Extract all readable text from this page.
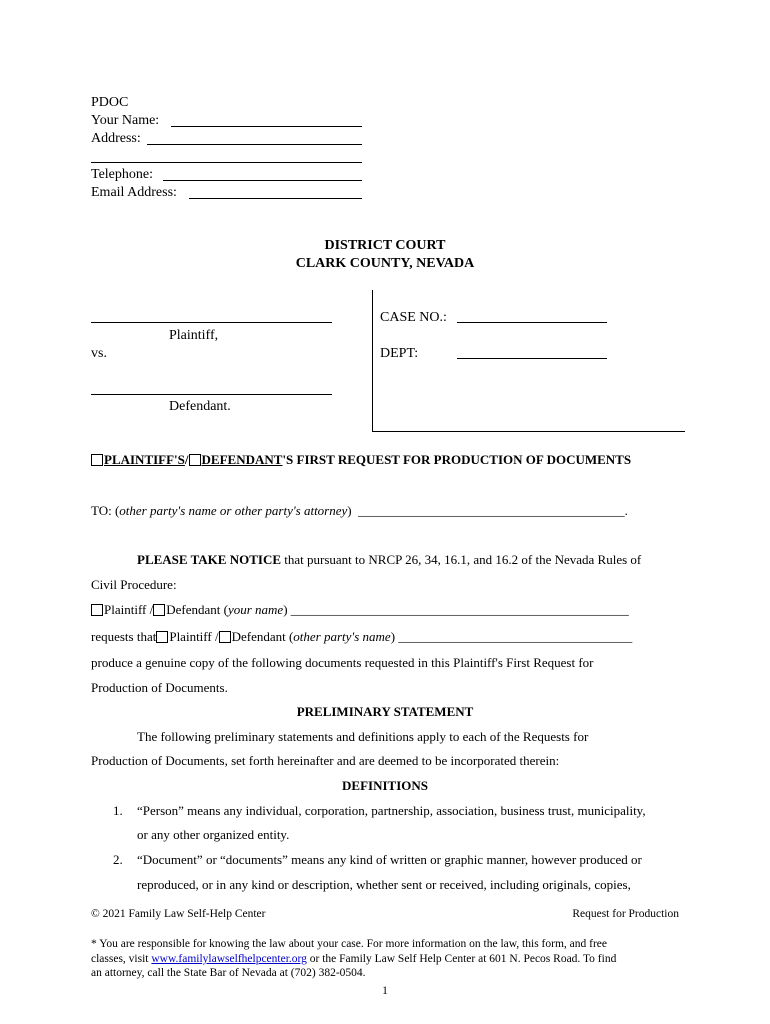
PDOC
Your Name:
Address:
Telephone:
Email Address:
DISTRICT COURT
CLARK COUNTY, NEVADA
Plaintiff,
vs.
Defendant.
CASE NO.:
DEPT:
PLAINTIFF'S/ DEFENDANT'S FIRST REQUEST FOR PRODUCTION OF DOCUMENTS
TO: (other party's name or other party's attorney) _________________________________________.
PLEASE TAKE NOTICE that pursuant to NRCP 26, 34, 16.1, and 16.2 of the Nevada Rules of
Civil Procedure:
Plaintiff / Defendant (your name) ____________________________________________________
requests that Plaintiff / Defendant (other party's name) ____________________________________
produce a genuine copy of the following documents requested in this Plaintiff's First Request for
Production of Documents.
PRELIMINARY STATEMENT
The following preliminary statements and definitions apply to each of the Requests for
Production of Documents, set forth hereinafter and are deemed to be incorporated therein:
DEFINITIONS
1. “Person” means any individual, corporation, partnership, association, business trust, municipality,
or any other organized entity.
2. “Document” or “documents” means any kind of written or graphic manner, however produced or
reproduced, or in any kind or description, whether sent or received, including originals, copies,
© 2021 Family Law Self-Help Center	Request for Production
* You are responsible for knowing the law about your case. For more information on the law, this form, and free
classes, visit www.familylawselfhelpcenter.org or the Family Law Self Help Center at 601 N. Pecos Road. To find
an attorney, call the State Bar of Nevada at (702) 382-0504.
1
